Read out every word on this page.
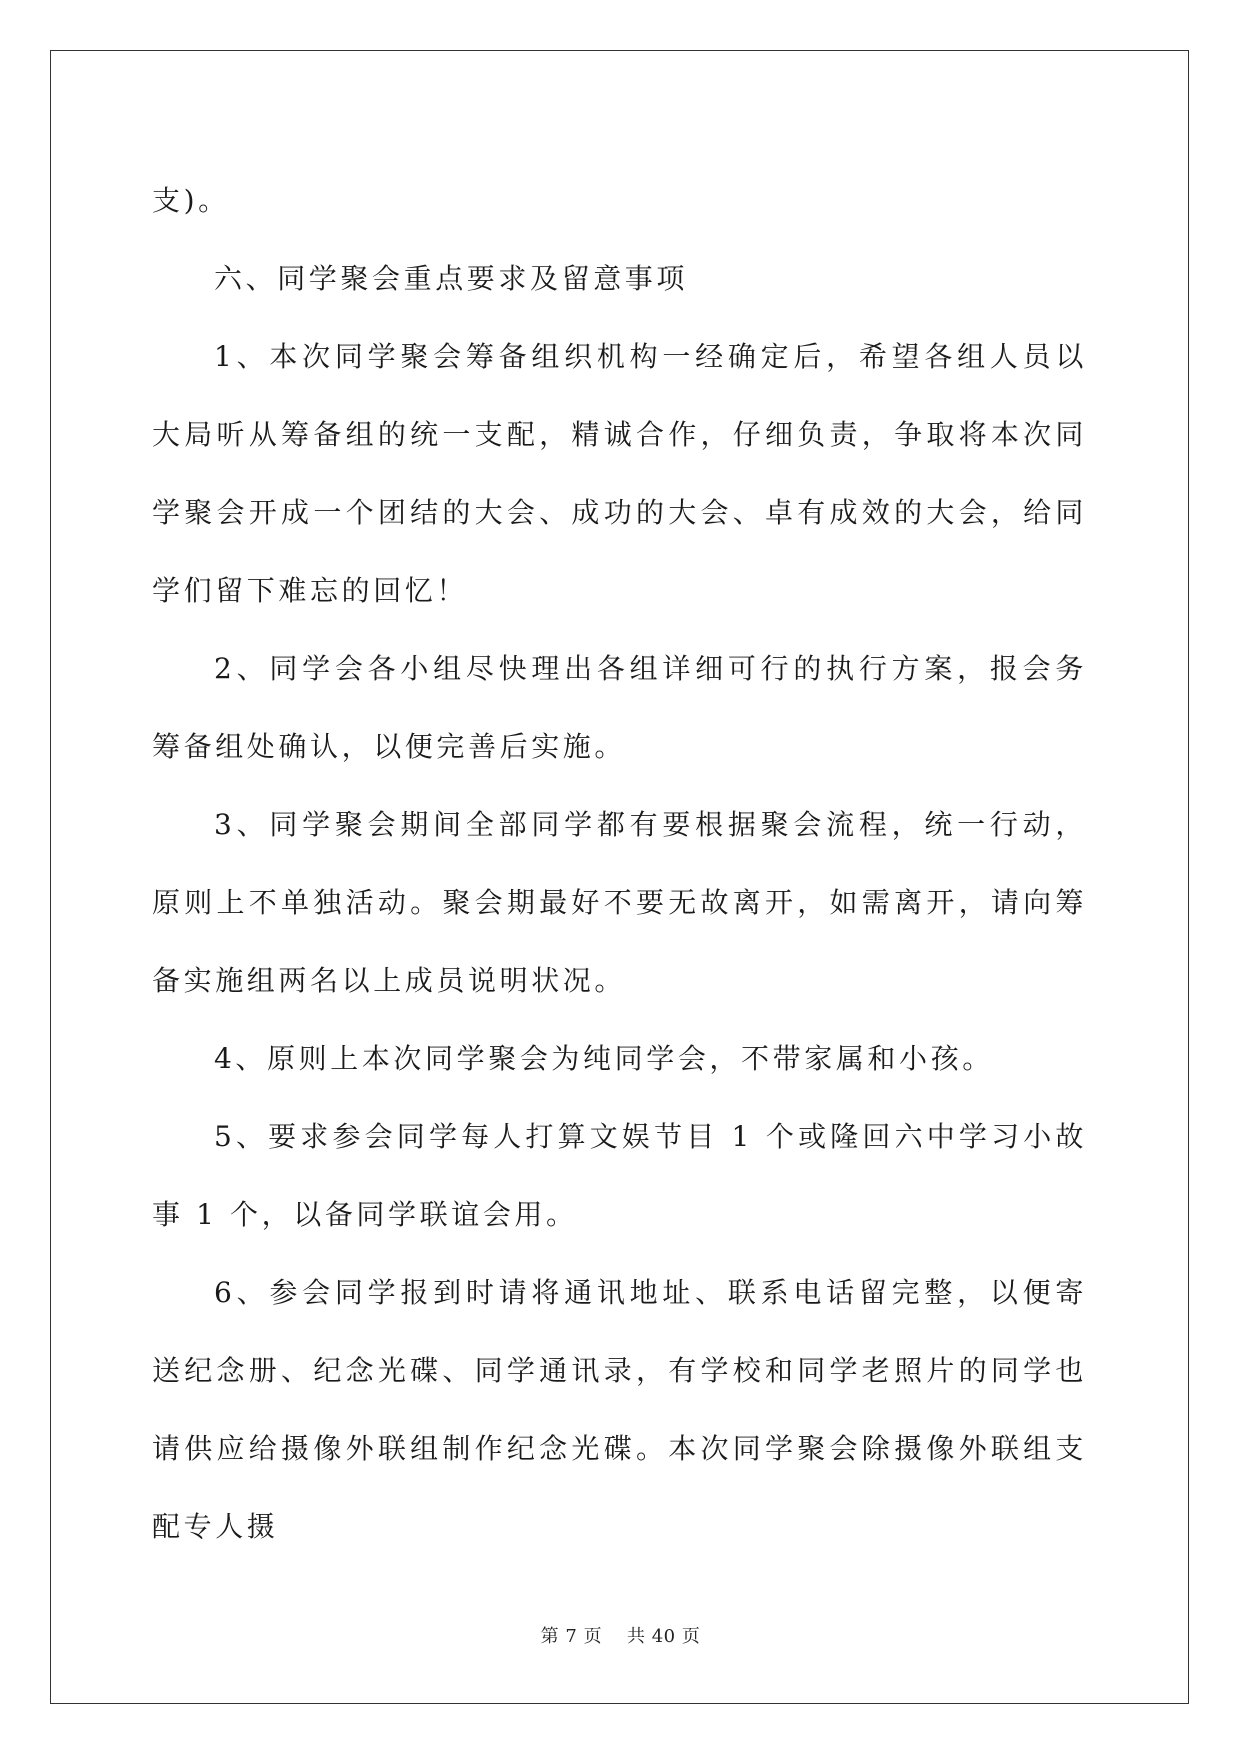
支)。

六、同学聚会重点要求及留意事项

1、本次同学聚会筹备组织机构一经确定后，希望各组人员以大局听从筹备组的统一支配，精诚合作，仔细负责，争取将本次同学聚会开成一个团结的大会、成功的大会、卓有成效的大会，给同学们留下难忘的回忆！

2、同学会各小组尽快理出各组详细可行的执行方案，报会务筹备组处确认，以便完善后实施。

3、同学聚会期间全部同学都有要根据聚会流程，统一行动，原则上不单独活动。聚会期最好不要无故离开，如需离开，请向筹备实施组两名以上成员说明状况。

4、原则上本次同学聚会为纯同学会，不带家属和小孩。

5、要求参会同学每人打算文娱节目 1 个或隆回六中学习小故事 1 个，以备同学联谊会用。

6、参会同学报到时请将通讯地址、联系电话留完整，以便寄送纪念册、纪念光碟、同学通讯录，有学校和同学老照片的同学也请供应给摄像外联组制作纪念光碟。本次同学聚会除摄像外联组支配专人摄

第 7 页 共 40 页
